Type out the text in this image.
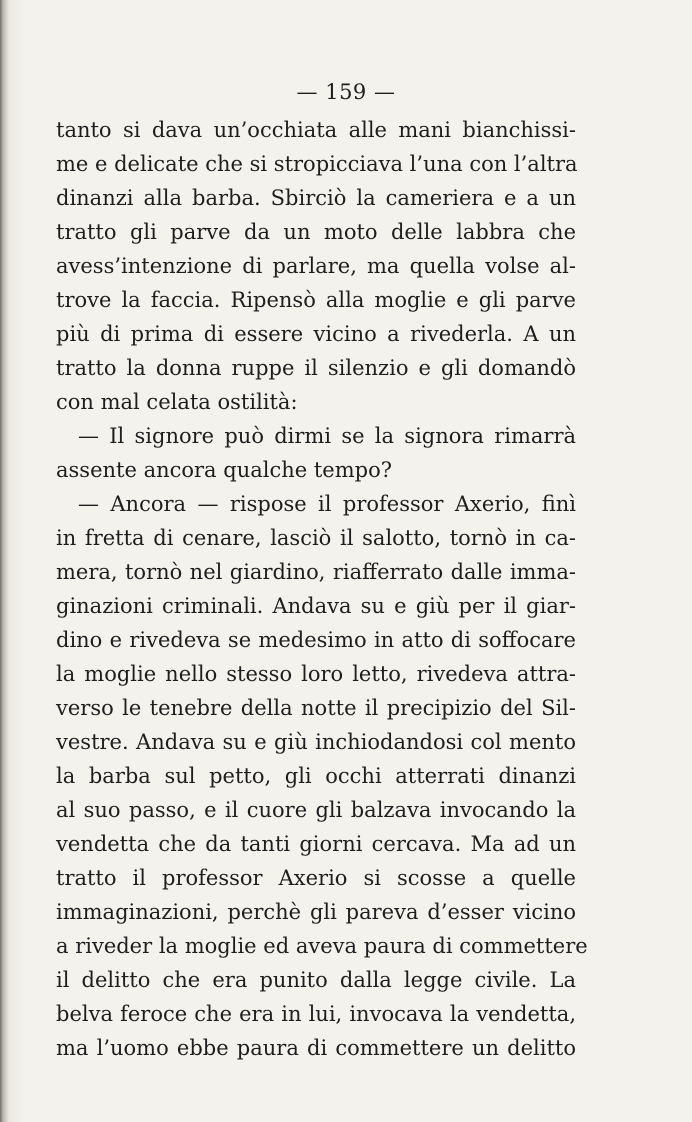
— 159 —
tanto si dava un’occhiata alle mani bianchissi-
me e delicate che si stropicciava l’una con l’altra
dinanzi alla barba. Sbirciò la cameriera e a un
tratto gli parve da un moto delle labbra che
avess’intenzione di parlare, ma quella volse al-
trove la faccia. Ripensò alla moglie e gli parve
più di prima di essere vicino a rivederla. A un
tratto la donna ruppe il silenzio e gli domandò
con mal celata ostilità:
— Il signore può dirmi se la signora rimarrà
assente ancora qualche tempo?
— Ancora — rispose il professor Axerio, finì
in fretta di cenare, lasciò il salotto, tornò in ca-
mera, tornò nel giardino, riafferrato dalle imma-
ginazioni criminali. Andava su e giù per il giar-
dino e rivedeva se medesimo in atto di soffocare
la moglie nello stesso loro letto, rivedeva attra-
verso le tenebre della notte il precipizio del Sil-
vestre. Andava su e giù inchiodandosi col mento
la barba sul petto, gli occhi atterrati dinanzi
al suo passo, e il cuore gli balzava invocando la
vendetta che da tanti giorni cercava. Ma ad un
tratto il professor Axerio si scosse a quelle
immaginazioni, perchè gli pareva d’esser vicino
a riveder la moglie ed aveva paura di commettere
il delitto che era punito dalla legge civile. La
belva feroce che era in lui, invocava la vendetta,
ma l’uomo ebbe paura di commettere un delitto
